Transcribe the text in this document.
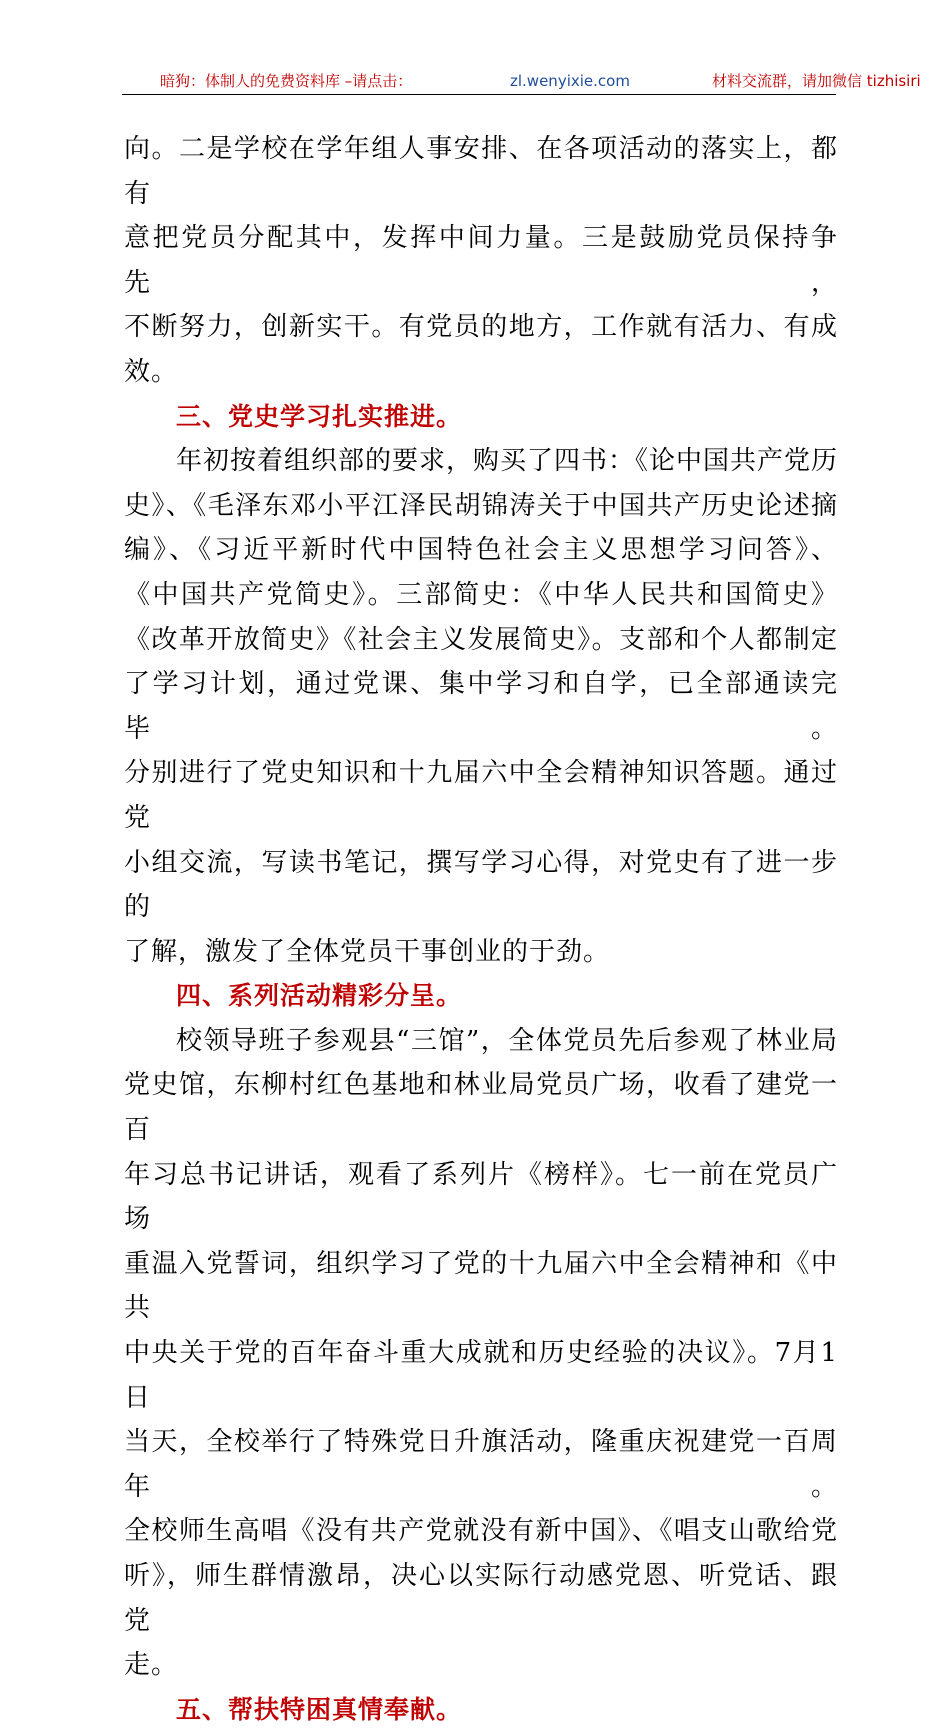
暗狗：体制人的免费资料库 –请点击：	zl.wenyixie.com	材料交流群，请加微信 tizhisiri

向。二是学校在学年组人事安排、在各项活动的落实上，都有

意把党员分配其中，发挥中间力量。三是鼓励党员保持争先，

不断努力，创新实干。有党员的地方，工作就有活力、有成效。

三、党史学习扎实推进。

年初按着组织部的要求，购买了四书：《论中国共产党历

史》、《毛泽东邓小平江泽民胡锦涛关于中国共产历史论述摘

编》、《习近平新时代中国特色社会主义思想学习问答》、

《中国共产党简史》。三部简史：《中华人民共和国简史》

《改革开放简史》《社会主义发展简史》。支部和个人都制定

了学习计划，通过党课、集中学习和自学，已全部通读完毕。

分别进行了党史知识和十九届六中全会精神知识答题。通过党

小组交流，写读书笔记，撰写学习心得，对党史有了进一步的

了解，激发了全体党员干事创业的于劲。

四、系列活动精彩分呈。

校领导班子参观县“三馆”，全体党员先后参观了林业局

党史馆，东柳村红色基地和林业局党员广场，收看了建党一百

年习总书记讲话，观看了系列片《榜样》。七一前在党员广场

重温入党誓词，组织学习了党的十九届六中全会精神和《中共

中央关于党的百年奋斗重大成就和历史经验的决议》。7月1日

当天，全校举行了特殊党日升旗活动，隆重庆祝建党一百周年。

全校师生高唱《没有共产党就没有新中国》、《唱支山歌给党

听》，师生群情激昂，决心以实际行动感党恩、听党话、跟党

走。

五、帮扶特困真情奉献。
